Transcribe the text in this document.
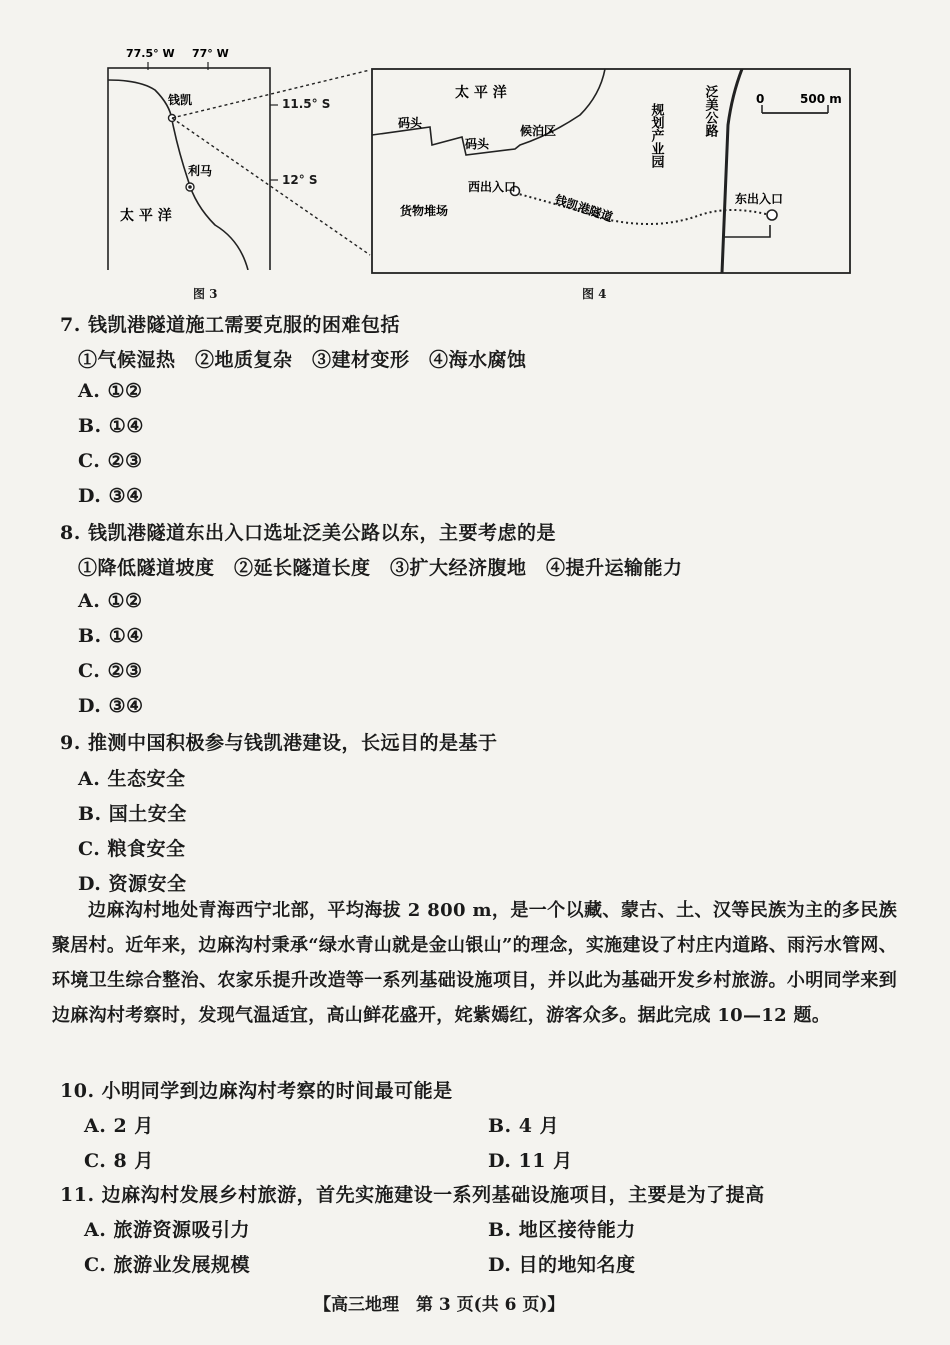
77.5° W 77° W
钱凯
利马
太 平 洋
11.5° S
12° S
0	500 m
太 平 洋
码头
码头
候泊区
货物堆场
西出入口
钱凯港隧道	东出入口
规划产业园	泛美公路
图 3	图 4
7. 钱凯港隧道施工需要克服的困难包括
①气候湿热　②地质复杂　③建材变形　④海水腐蚀
A. ①②
B. ①④
C. ②③
D. ③④
8. 钱凯港隧道东出入口选址泛美公路以东，主要考虑的是
①降低隧道坡度　②延长隧道长度　③扩大经济腹地　④提升运输能力
A. ①②
B. ①④
C. ②③
D. ③④
9. 推测中国积极参与钱凯港建设，长远目的是基于
A. 生态安全
B. 国土安全
C. 粮食安全
D. 资源安全

边麻沟村地处青海西宁北部，平均海拔 2 800 m，是一个以藏、蒙古、土、汉等民族为主的多民族聚居村。近年来，边麻沟村秉承“绿水青山就是金山银山”的理念，实施建设了村庄内道路、雨污水管网、环境卫生综合整治、农家乐提升改造等一系列基础设施项目，并以此为基础开发乡村旅游。小明同学来到边麻沟村考察时，发现气温适宜，高山鲜花盛开，姹紫嫣红，游客众多。据此完成 10—12 题。

10. 小明同学到边麻沟村考察的时间最可能是
A. 2 月	B. 4 月
C. 8 月	D. 11 月
11. 边麻沟村发展乡村旅游，首先实施建设一系列基础设施项目，主要是为了提高
A. 旅游资源吸引力	B. 地区接待能力
C. 旅游业发展规模	D. 目的地知名度
【高三地理　第 3 页(共 6 页)】
